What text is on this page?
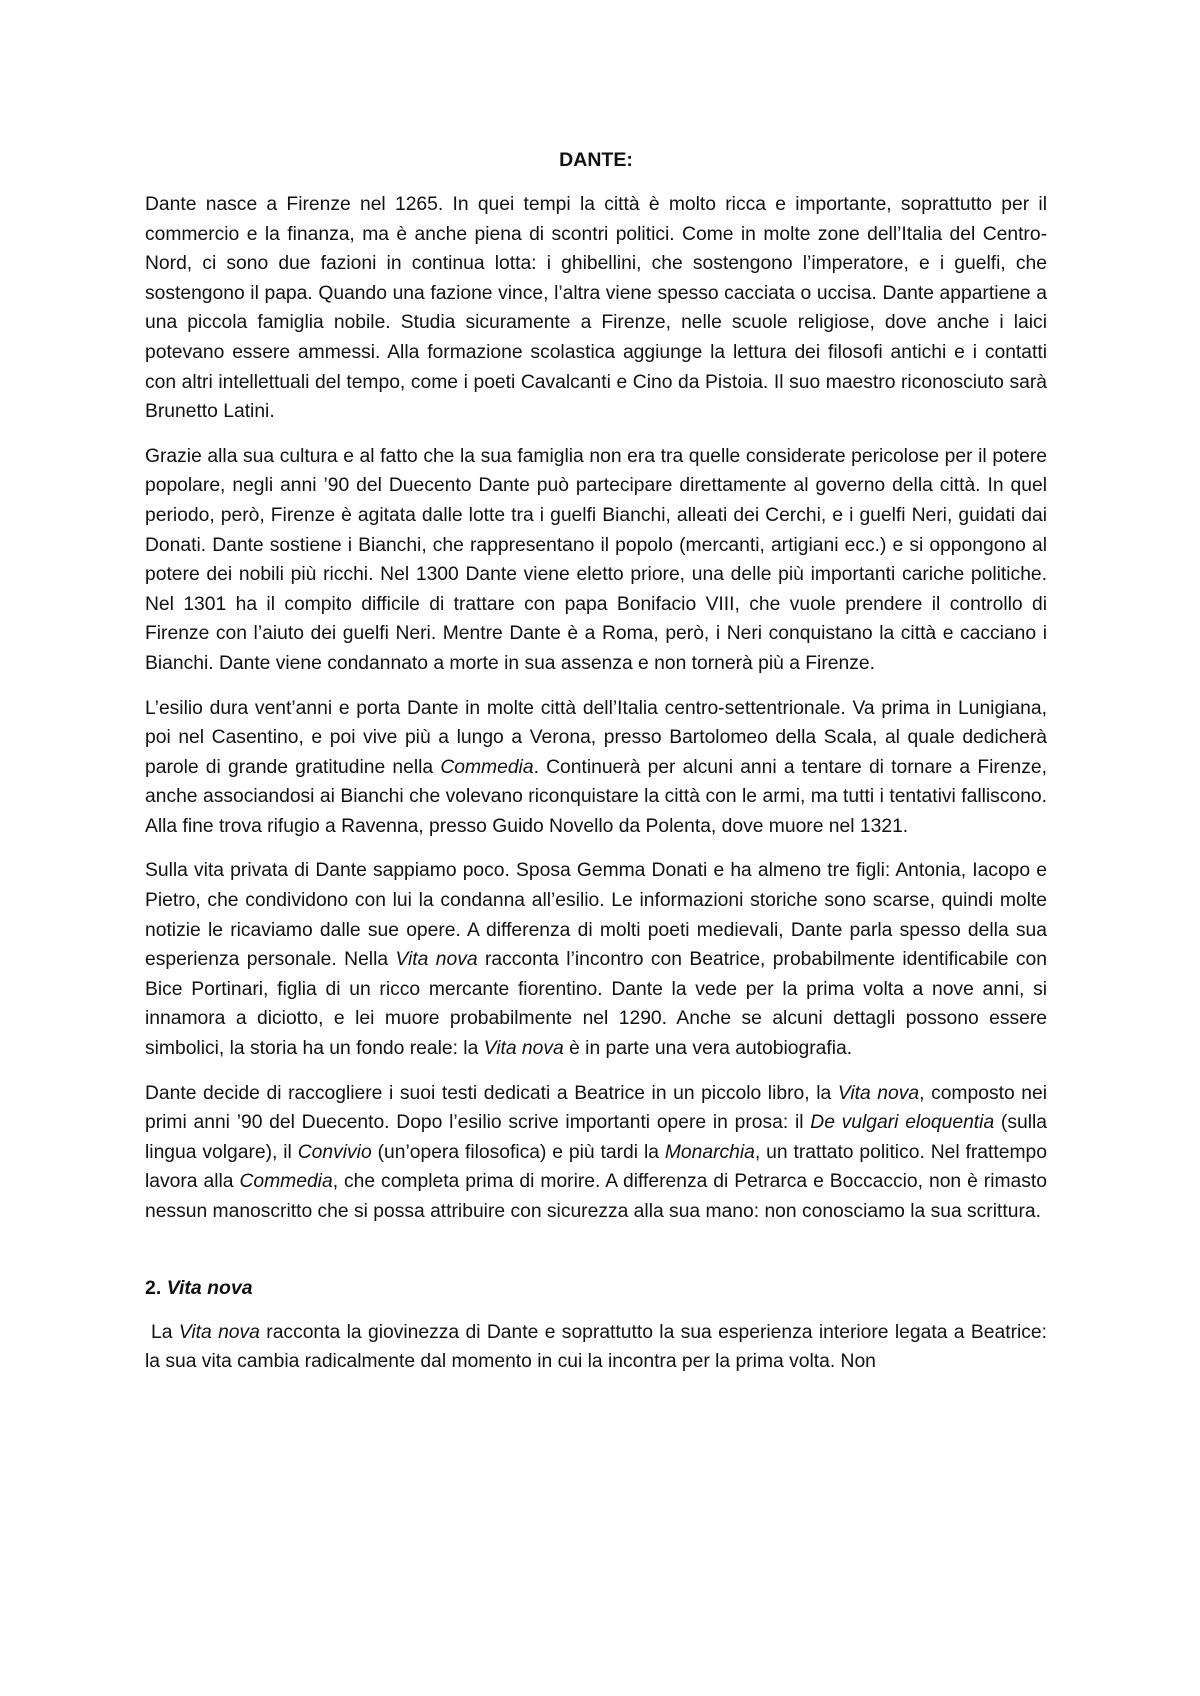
DANTE:

Dante nasce a Firenze nel 1265. In quei tempi la città è molto ricca e importante, soprattutto per il commercio e la finanza, ma è anche piena di scontri politici. Come in molte zone dell’Italia del Centro-Nord, ci sono due fazioni in continua lotta: i ghibellini, che sostengono l’imperatore, e i guelfi, che sostengono il papa. Quando una fazione vince, l’altra viene spesso cacciata o uccisa. Dante appartiene a una piccola famiglia nobile. Studia sicuramente a Firenze, nelle scuole religiose, dove anche i laici potevano essere ammessi. Alla formazione scolastica aggiunge la lettura dei filosofi antichi e i contatti con altri intellettuali del tempo, come i poeti Cavalcanti e Cino da Pistoia. Il suo maestro riconosciuto sarà Brunetto Latini.

Grazie alla sua cultura e al fatto che la sua famiglia non era tra quelle considerate pericolose per il potere popolare, negli anni ’90 del Duecento Dante può partecipare direttamente al governo della città. In quel periodo, però, Firenze è agitata dalle lotte tra i guelfi Bianchi, alleati dei Cerchi, e i guelfi Neri, guidati dai Donati. Dante sostiene i Bianchi, che rappresentano il popolo (mercanti, artigiani ecc.) e si oppongono al potere dei nobili più ricchi. Nel 1300 Dante viene eletto priore, una delle più importanti cariche politiche. Nel 1301 ha il compito difficile di trattare con papa Bonifacio VIII, che vuole prendere il controllo di Firenze con l’aiuto dei guelfi Neri. Mentre Dante è a Roma, però, i Neri conquistano la città e cacciano i Bianchi. Dante viene condannato a morte in sua assenza e non tornerà più a Firenze.

L’esilio dura vent’anni e porta Dante in molte città dell’Italia centro-settentrionale. Va prima in Lunigiana, poi nel Casentino, e poi vive più a lungo a Verona, presso Bartolomeo della Scala, al quale dedicherà parole di grande gratitudine nella Commedia. Continuerà per alcuni anni a tentare di tornare a Firenze, anche associandosi ai Bianchi che volevano riconquistare la città con le armi, ma tutti i tentativi falliscono. Alla fine trova rifugio a Ravenna, presso Guido Novello da Polenta, dove muore nel 1321.

Sulla vita privata di Dante sappiamo poco. Sposa Gemma Donati e ha almeno tre figli: Antonia, Iacopo e Pietro, che condividono con lui la condanna all’esilio. Le informazioni storiche sono scarse, quindi molte notizie le ricaviamo dalle sue opere. A differenza di molti poeti medievali, Dante parla spesso della sua esperienza personale. Nella Vita nova racconta l’incontro con Beatrice, probabilmente identificabile con Bice Portinari, figlia di un ricco mercante fiorentino. Dante la vede per la prima volta a nove anni, si innamora a diciotto, e lei muore probabilmente nel 1290. Anche se alcuni dettagli possono essere simbolici, la storia ha un fondo reale: la Vita nova è in parte una vera autobiografia.

Dante decide di raccogliere i suoi testi dedicati a Beatrice in un piccolo libro, la Vita nova, composto nei primi anni ’90 del Duecento. Dopo l’esilio scrive importanti opere in prosa: il De vulgari eloquentia (sulla lingua volgare), il Convivio (un’opera filosofica) e più tardi la Monarchia, un trattato politico. Nel frattempo lavora alla Commedia, che completa prima di morire. A differenza di Petrarca e Boccaccio, non è rimasto nessun manoscritto che si possa attribuire con sicurezza alla sua mano: non conosciamo la sua scrittura.

2. Vita nova

La Vita nova racconta la giovinezza di Dante e soprattutto la sua esperienza interiore legata a Beatrice: la sua vita cambia radicalmente dal momento in cui la incontra per la prima volta. Non
